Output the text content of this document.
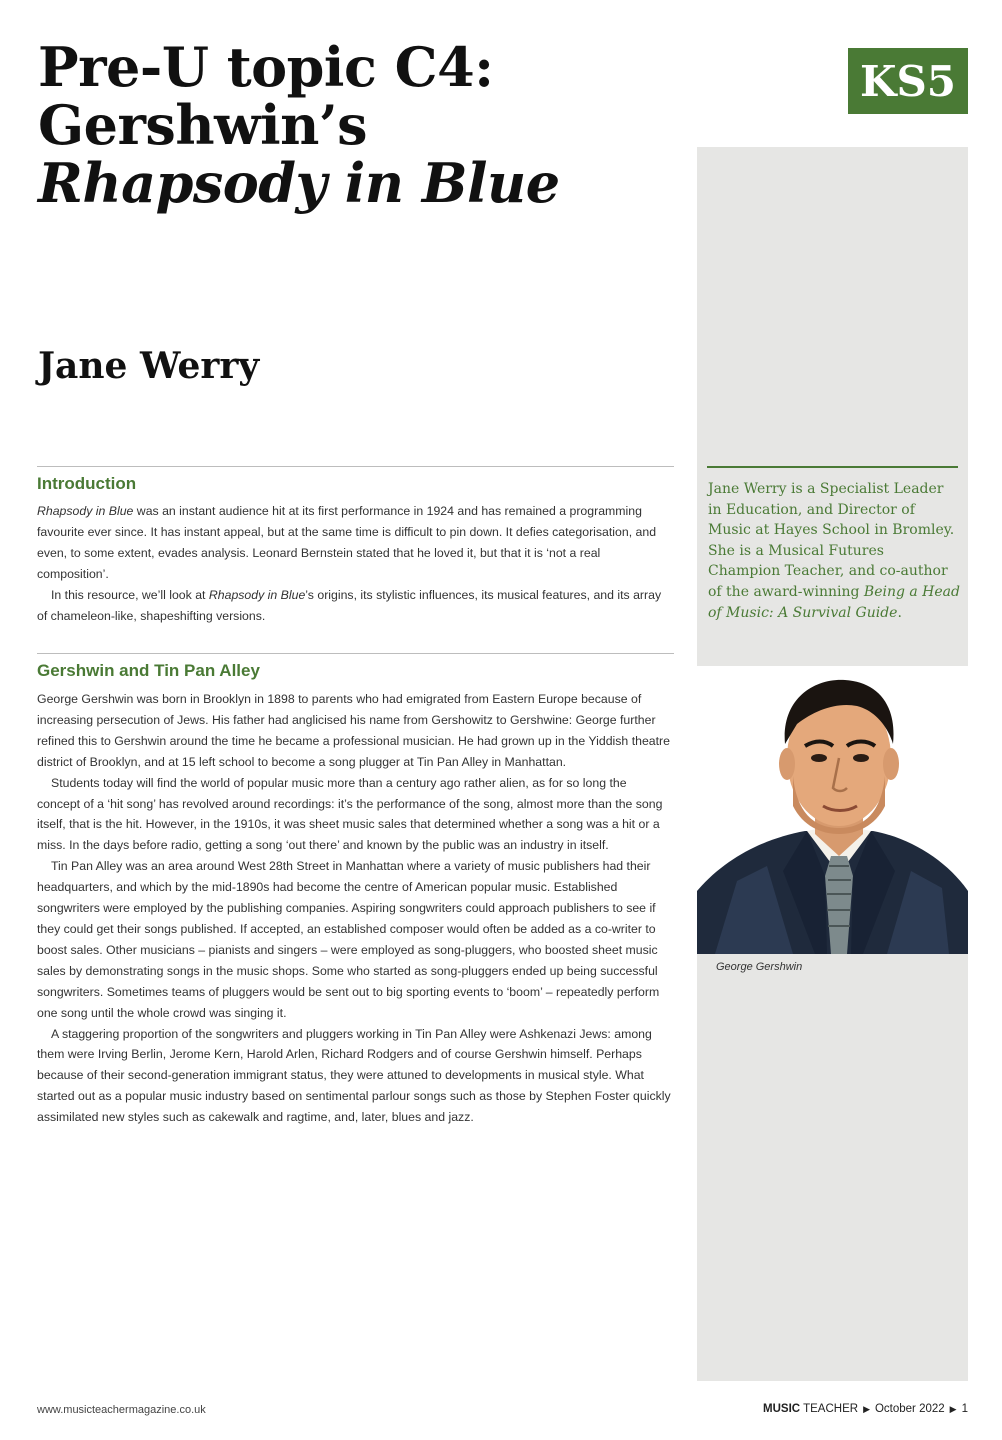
Pre-U topic C4:
Gershwin’s
Rhapsody in Blue
Jane Werry
KS5

Jane Werry is a Specialist Leader in Education, and Director of Music at Hayes School in Bromley. She is a Musical Futures Champion Teacher, and co-author of the award-winning Being a Head of Music: A Survival Guide.

George Gershwin

Introduction

Rhapsody in Blue was an instant audience hit at its first performance in 1924 and has remained a programming favourite ever since. It has instant appeal, but at the same time is difficult to pin down. It defies categorisation, and even, to some extent, evades analysis. Leonard Bernstein stated that he loved it, but that it is ‘not a real composition’.

In this resource, we’ll look at Rhapsody in Blue’s origins, its stylistic influences, its musical features, and its array of chameleon-like, shapeshifting versions.

Gershwin and Tin Pan Alley

George Gershwin was born in Brooklyn in 1898 to parents who had emigrated from Eastern Europe because of increasing persecution of Jews. His father had anglicised his name from Gershowitz to Gershwine: George further refined this to Gershwin around the time he became a professional musician. He had grown up in the Yiddish theatre district of Brooklyn, and at 15 left school to become a song plugger at Tin Pan Alley in Manhattan.

Students today will find the world of popular music more than a century ago rather alien, as for so long the concept of a ‘hit song’ has revolved around recordings: it’s the performance of the song, almost more than the song itself, that is the hit. However, in the 1910s, it was sheet music sales that determined whether a song was a hit or a miss. In the days before radio, getting a song ‘out there’ and known by the public was an industry in itself.

Tin Pan Alley was an area around West 28th Street in Manhattan where a variety of music publishers had their headquarters, and which by the mid-1890s had become the centre of American popular music. Established songwriters were employed by the publishing companies. Aspiring songwriters could approach publishers to see if they could get their songs published. If accepted, an established composer would often be added as a co-writer to boost sales. Other musicians – pianists and singers – were employed as song-pluggers, who boosted sheet music sales by demonstrating songs in the music shops. Some who started as song-pluggers ended up being successful songwriters. Sometimes teams of pluggers would be sent out to big sporting events to ‘boom’ – repeatedly perform one song until the whole crowd was singing it.

A staggering proportion of the songwriters and pluggers working in Tin Pan Alley were Ashkenazi Jews: among them were Irving Berlin, Jerome Kern, Harold Arlen, Richard Rodgers and of course Gershwin himself. Perhaps because of their second-generation immigrant status, they were attuned to developments in musical style. What started out as a popular music industry based on sentimental parlour songs such as those by Stephen Foster quickly assimilated new styles such as cakewalk and ragtime, and, later, blues and jazz.

www.musicteachermagazine.co.uk	MUSIC TEACHER ▶ October 2022 ▶ 1
